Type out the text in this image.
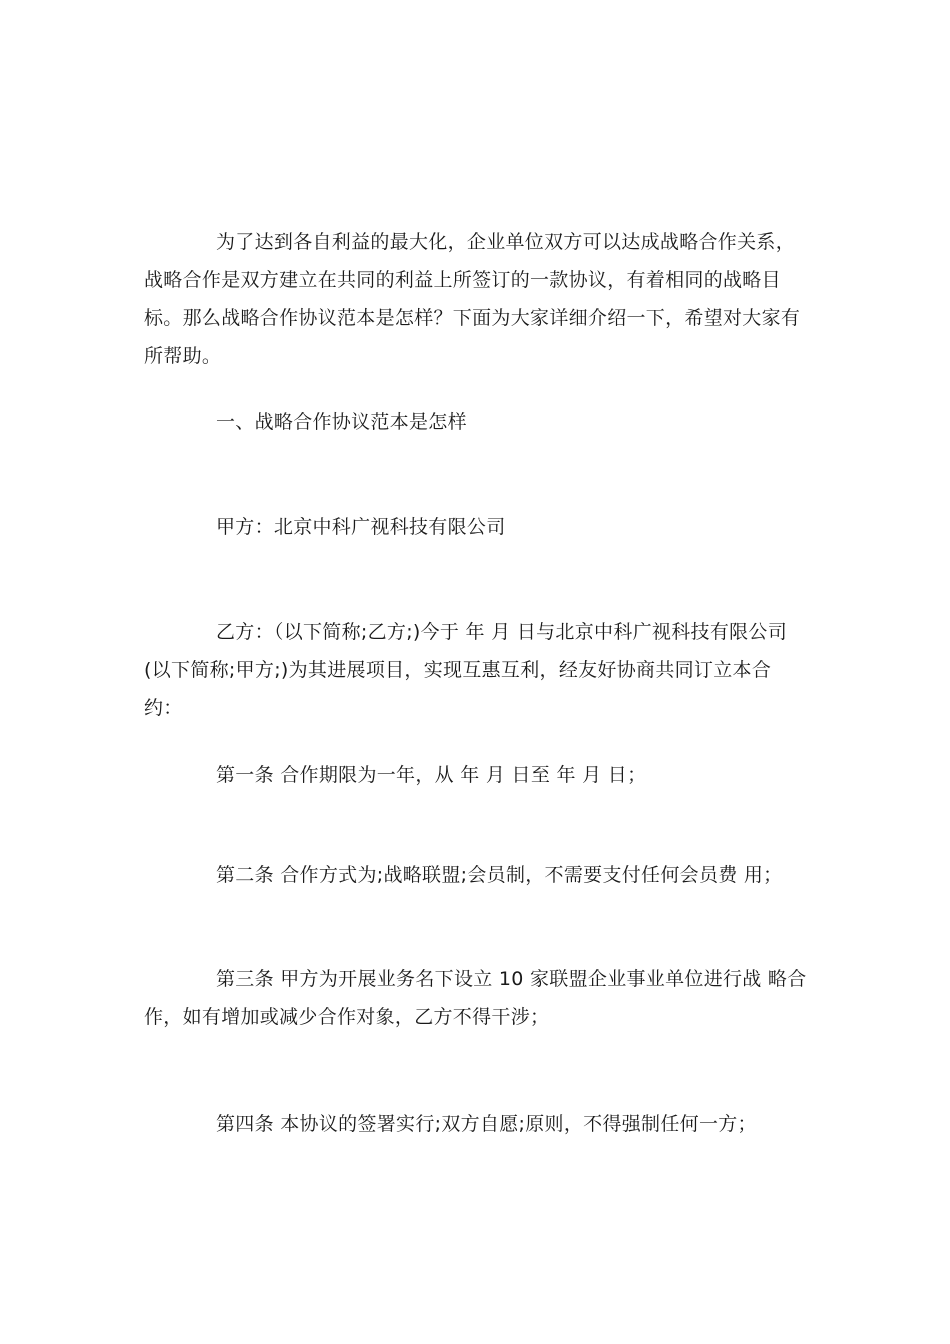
为了达到各自利益的最大化，企业单位双方可以达成战略合作关系，战略合作是双方建立在共同的利益上所签订的一款协议，有着相同的战略目标。那么战略合作协议范本是怎样？下面为大家详细介绍一下，希望对大家有所帮助。

一、战略合作协议范本是怎样

甲方：北京中科广视科技有限公司

乙方：（以下简称;乙方;)今于 年 月 日与北京中科广视科技有限公司(以下简称;甲方;)为其进展项目，实现互惠互利，经友好协商共同订立本合约：

第一条 合作期限为一年，从 年 月 日至 年 月 日；

第二条 合作方式为;战略联盟;会员制，不需要支付任何会员费 用；

第三条 甲方为开展业务名下设立 10 家联盟企业事业单位进行战 略合作，如有增加或减少合作对象，乙方不得干涉；

第四条 本协议的签署实行;双方自愿;原则，不得强制任何一方；
